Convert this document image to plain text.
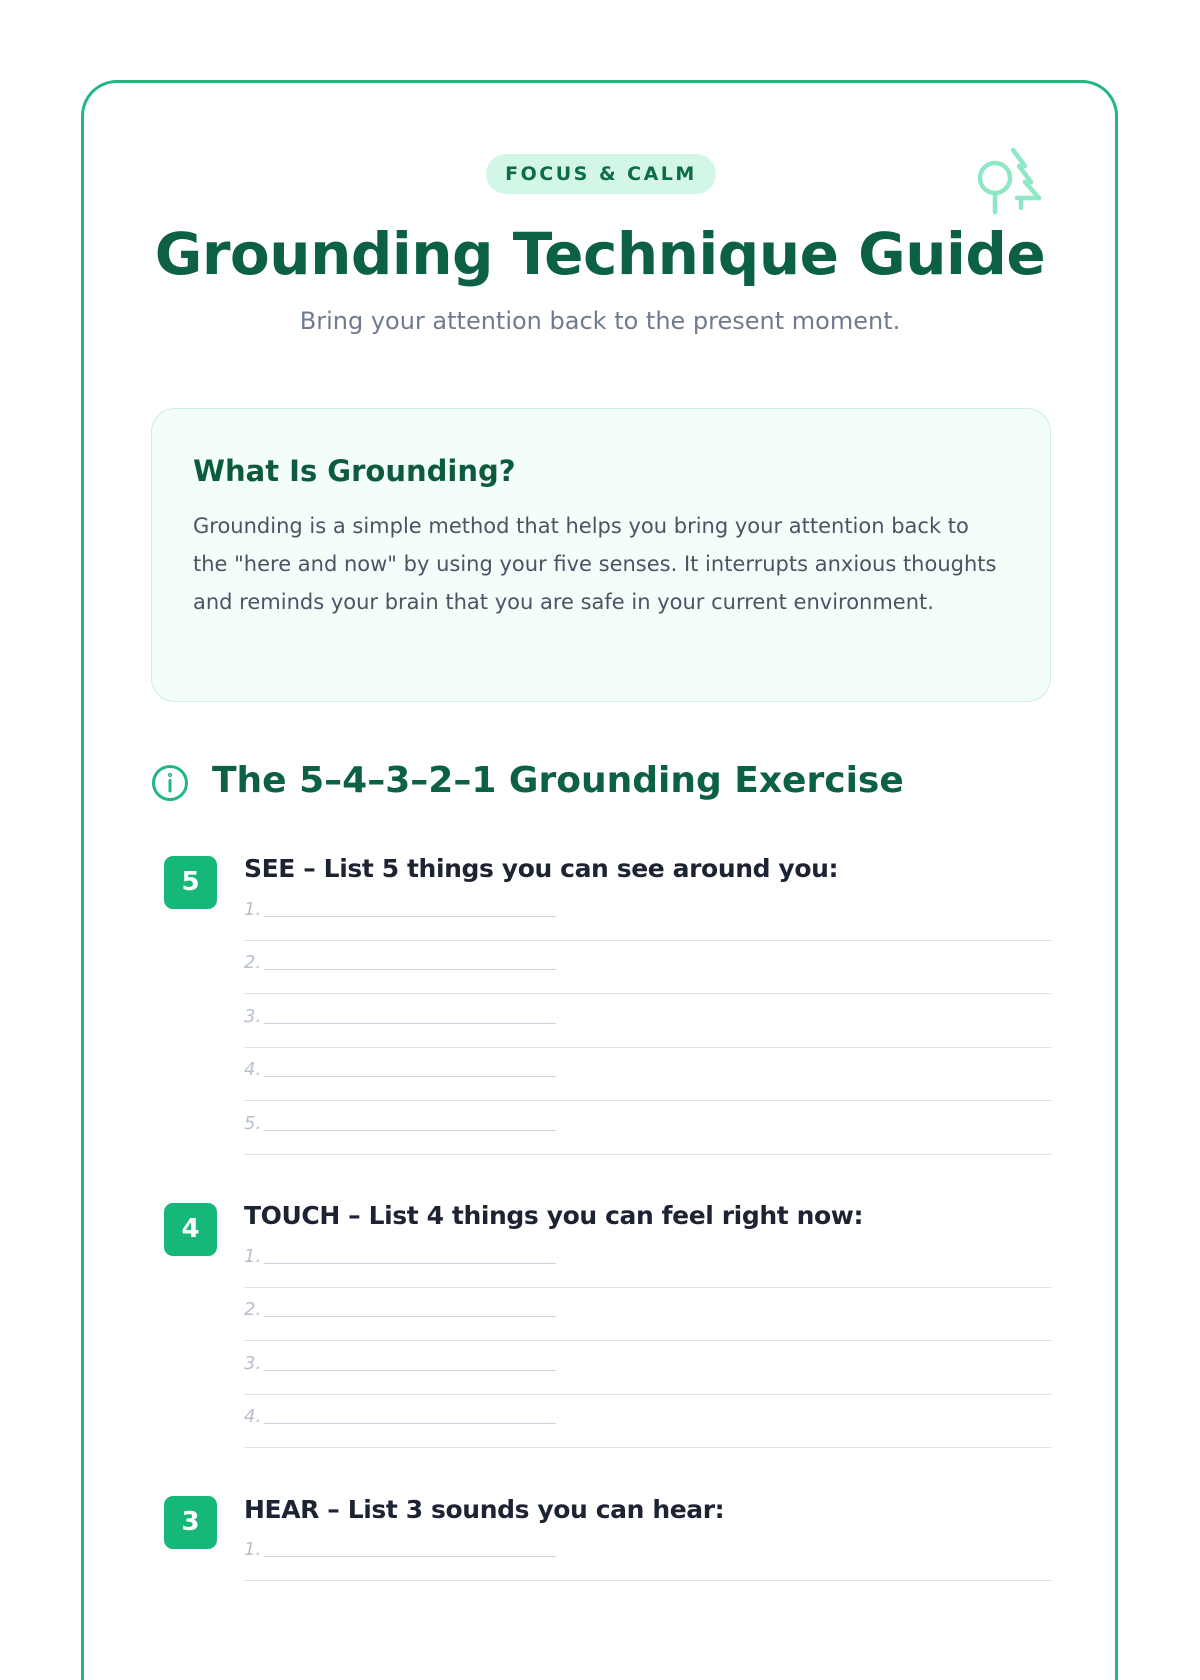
FOCUS & CALM
Grounding Technique Guide

Bring your attention back to the present moment.

What Is Grounding?

Grounding is a simple method that helps you bring your attention back to the "here and now" by using your five senses. It interrupts anxious thoughts and reminds your brain that you are safe in your current environment.

The 5–4–3–2–1 Grounding Exercise
5	SEE – List 5 things you can see around you:
1.
2.
3.
4.
5.
4	TOUCH – List 4 things you can feel right now:
1.
2.
3.
4.
3	HEAR – List 3 sounds you can hear:
1.
